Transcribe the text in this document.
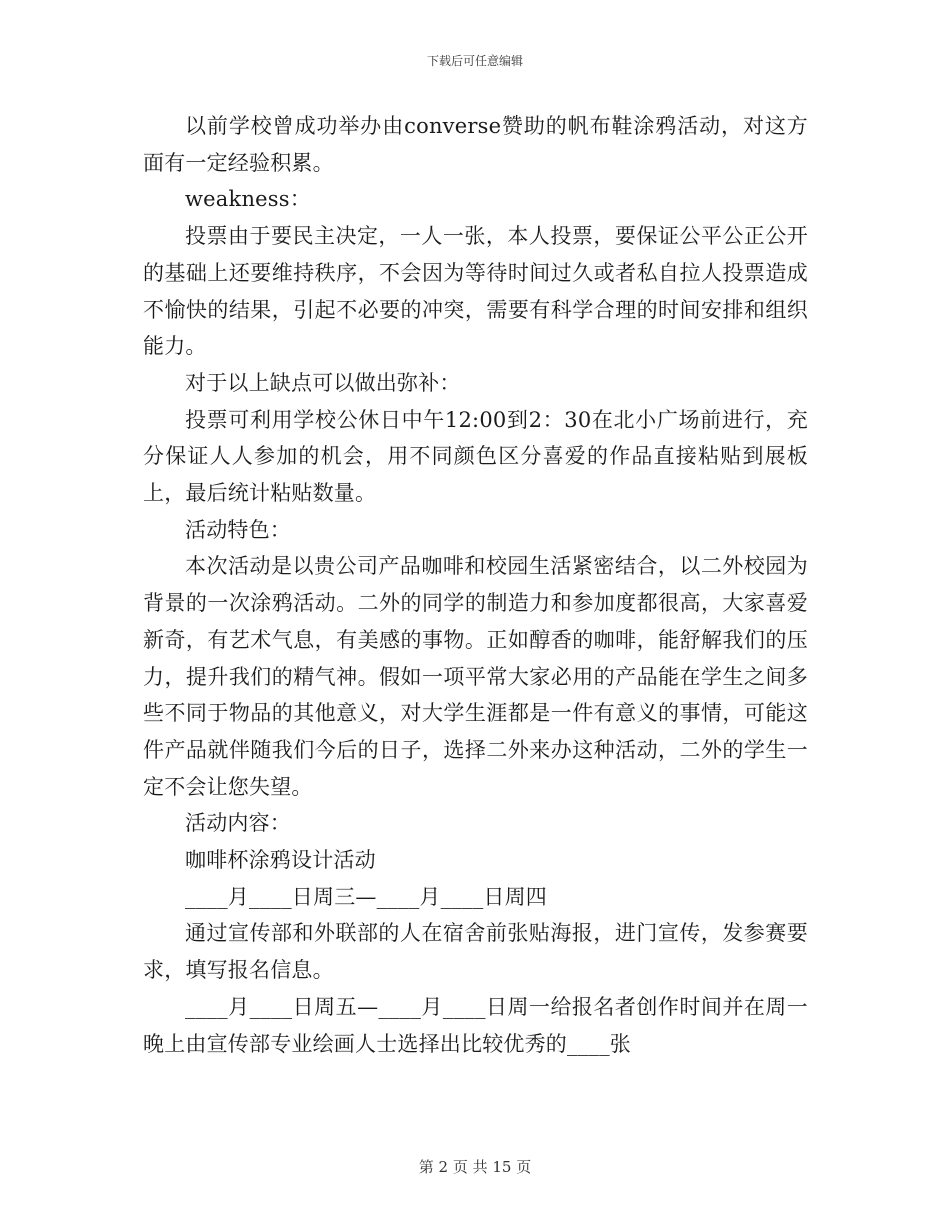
下载后可任意编辑

以前学校曾成功举办由converse赞助的帆布鞋涂鸦活动，对这方面有一定经验积累。

weakness：

投票由于要民主决定，一人一张，本人投票，要保证公平公正公开的基础上还要维持秩序，不会因为等待时间过久或者私自拉人投票造成不愉快的结果，引起不必要的冲突，需要有科学合理的时间安排和组织能力。

对于以上缺点可以做出弥补：

投票可利用学校公休日中午12:00到2：30在北小广场前进行，充分保证人人参加的机会，用不同颜色区分喜爱的作品直接粘贴到展板上，最后统计粘贴数量。

活动特色：

本次活动是以贵公司产品咖啡和校园生活紧密结合，以二外校园为背景的一次涂鸦活动。二外的同学的制造力和参加度都很高，大家喜爱新奇，有艺术气息，有美感的事物。正如醇香的咖啡，能舒解我们的压力，提升我们的精气神。假如一项平常大家必用的产品能在学生之间多些不同于物品的其他意义，对大学生涯都是一件有意义的事情，可能这件产品就伴随我们今后的日子，选择二外来办这种活动，二外的学生一定不会让您失望。

活动内容：

咖啡杯涂鸦设计活动

____月____日周三—____月____日周四

通过宣传部和外联部的人在宿舍前张贴海报，进门宣传，发参赛要求，填写报名信息。

____月____日周五—____月____日周一给报名者创作时间并在周一晚上由宣传部专业绘画人士选择出比较优秀的____张

第 2 页 共 15 页
